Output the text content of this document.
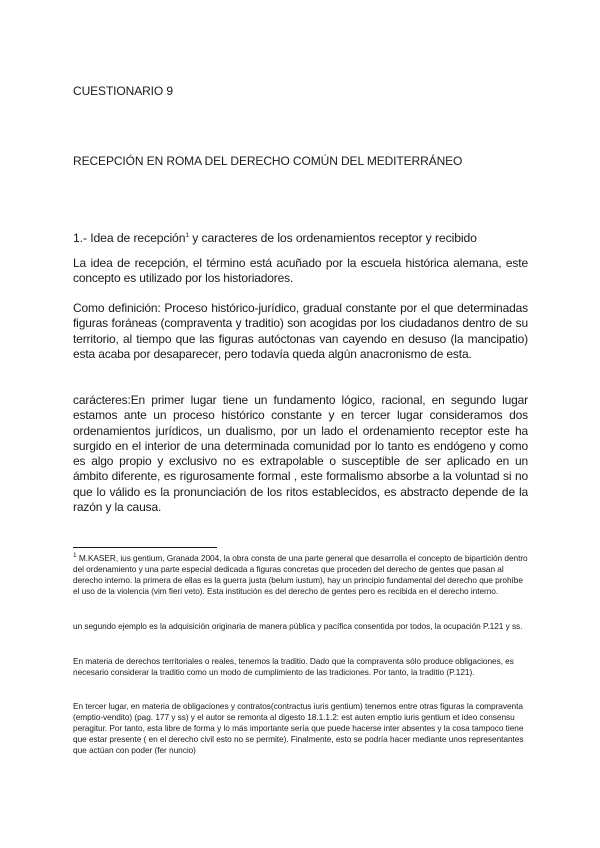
CUESTIONARIO 9
RECEPCIÓN EN ROMA DEL DERECHO COMÚN DEL MEDITERRÁNEO
1.- Idea de recepción$^1$ y caracteres de los ordenamientos receptor y recibido

La idea de recepción, el término está acuñado por la escuela histórica alemana, este concepto es utilizado por los historiadores.

Como definición: Proceso histórico-jurídico, gradual constante por el que determinadas figuras foráneas (compraventa y traditio) son acogidas por los ciudadanos dentro de su territorio, al tiempo que las figuras autóctonas van cayendo en desuso (la mancipatio) esta acaba por desaparecer, pero todavía queda algún anacronismo de esta.

carácteres:En primer lugar tiene un fundamento lógico, racional, en segundo lugar estamos ante un proceso histórico constante y en tercer lugar consideramos dos ordenamientos jurídicos, un dualismo, por un lado el ordenamiento receptor este ha surgido en el interior de una determinada comunidad por lo tanto es endógeno y como es algo propio y exclusivo no es extrapolable o susceptible de ser aplicado en un ámbito diferente, es rigurosamente formal , este formalismo absorbe a la voluntad si no que lo válido es la pronunciación de los ritos establecidos, es abstracto depende de la razón y la causa.

$^1$ M.KASER, ius gentium, Granada 2004, la obra consta de una parte general que desarrolla el concepto de bipartición dentro del ordenamiento y una parte especial dedicada a figuras concretas que proceden del derecho de gentes que pasan al derecho interno. la primera de ellas es la guerra justa (belum iustum), hay un principio fundamental del derecho que prohíbe el uso de la violencia (vim fieri veto). Esta institución es del derecho de gentes pero es recibida en el derecho interno.

un segundo ejemplo es la adquisición originaria de manera pública y pacífica consentida por todos, la ocupación P.121 y ss.

En materia de derechos territoriales o reales, tenemos la traditio. Dado que la compraventa sólo produce obligaciones, es necesario considerar la traditio como un modo de cumplimiento de las tradiciones. Por tanto, la traditio (P.121).

En tercer lugar, en materia de obligaciones y contratos(contractus iuris gentium) tenemos entre otras figuras la compraventa (emptio-vendito) (pag. 177 y ss) y el autor se remonta al digesto 18.1.1.2: est auten emptio iuris gentium et ideo consensu peragitur. Por tanto, esta libre de forma y lo más importante sería que puede hacerse inter absentes y la cosa tampoco tiene que estar presente ( en el derecho civil esto no se permite). Finalmente, esto se podría hacer mediante unos representantes que actúan con poder (fer nuncio)
